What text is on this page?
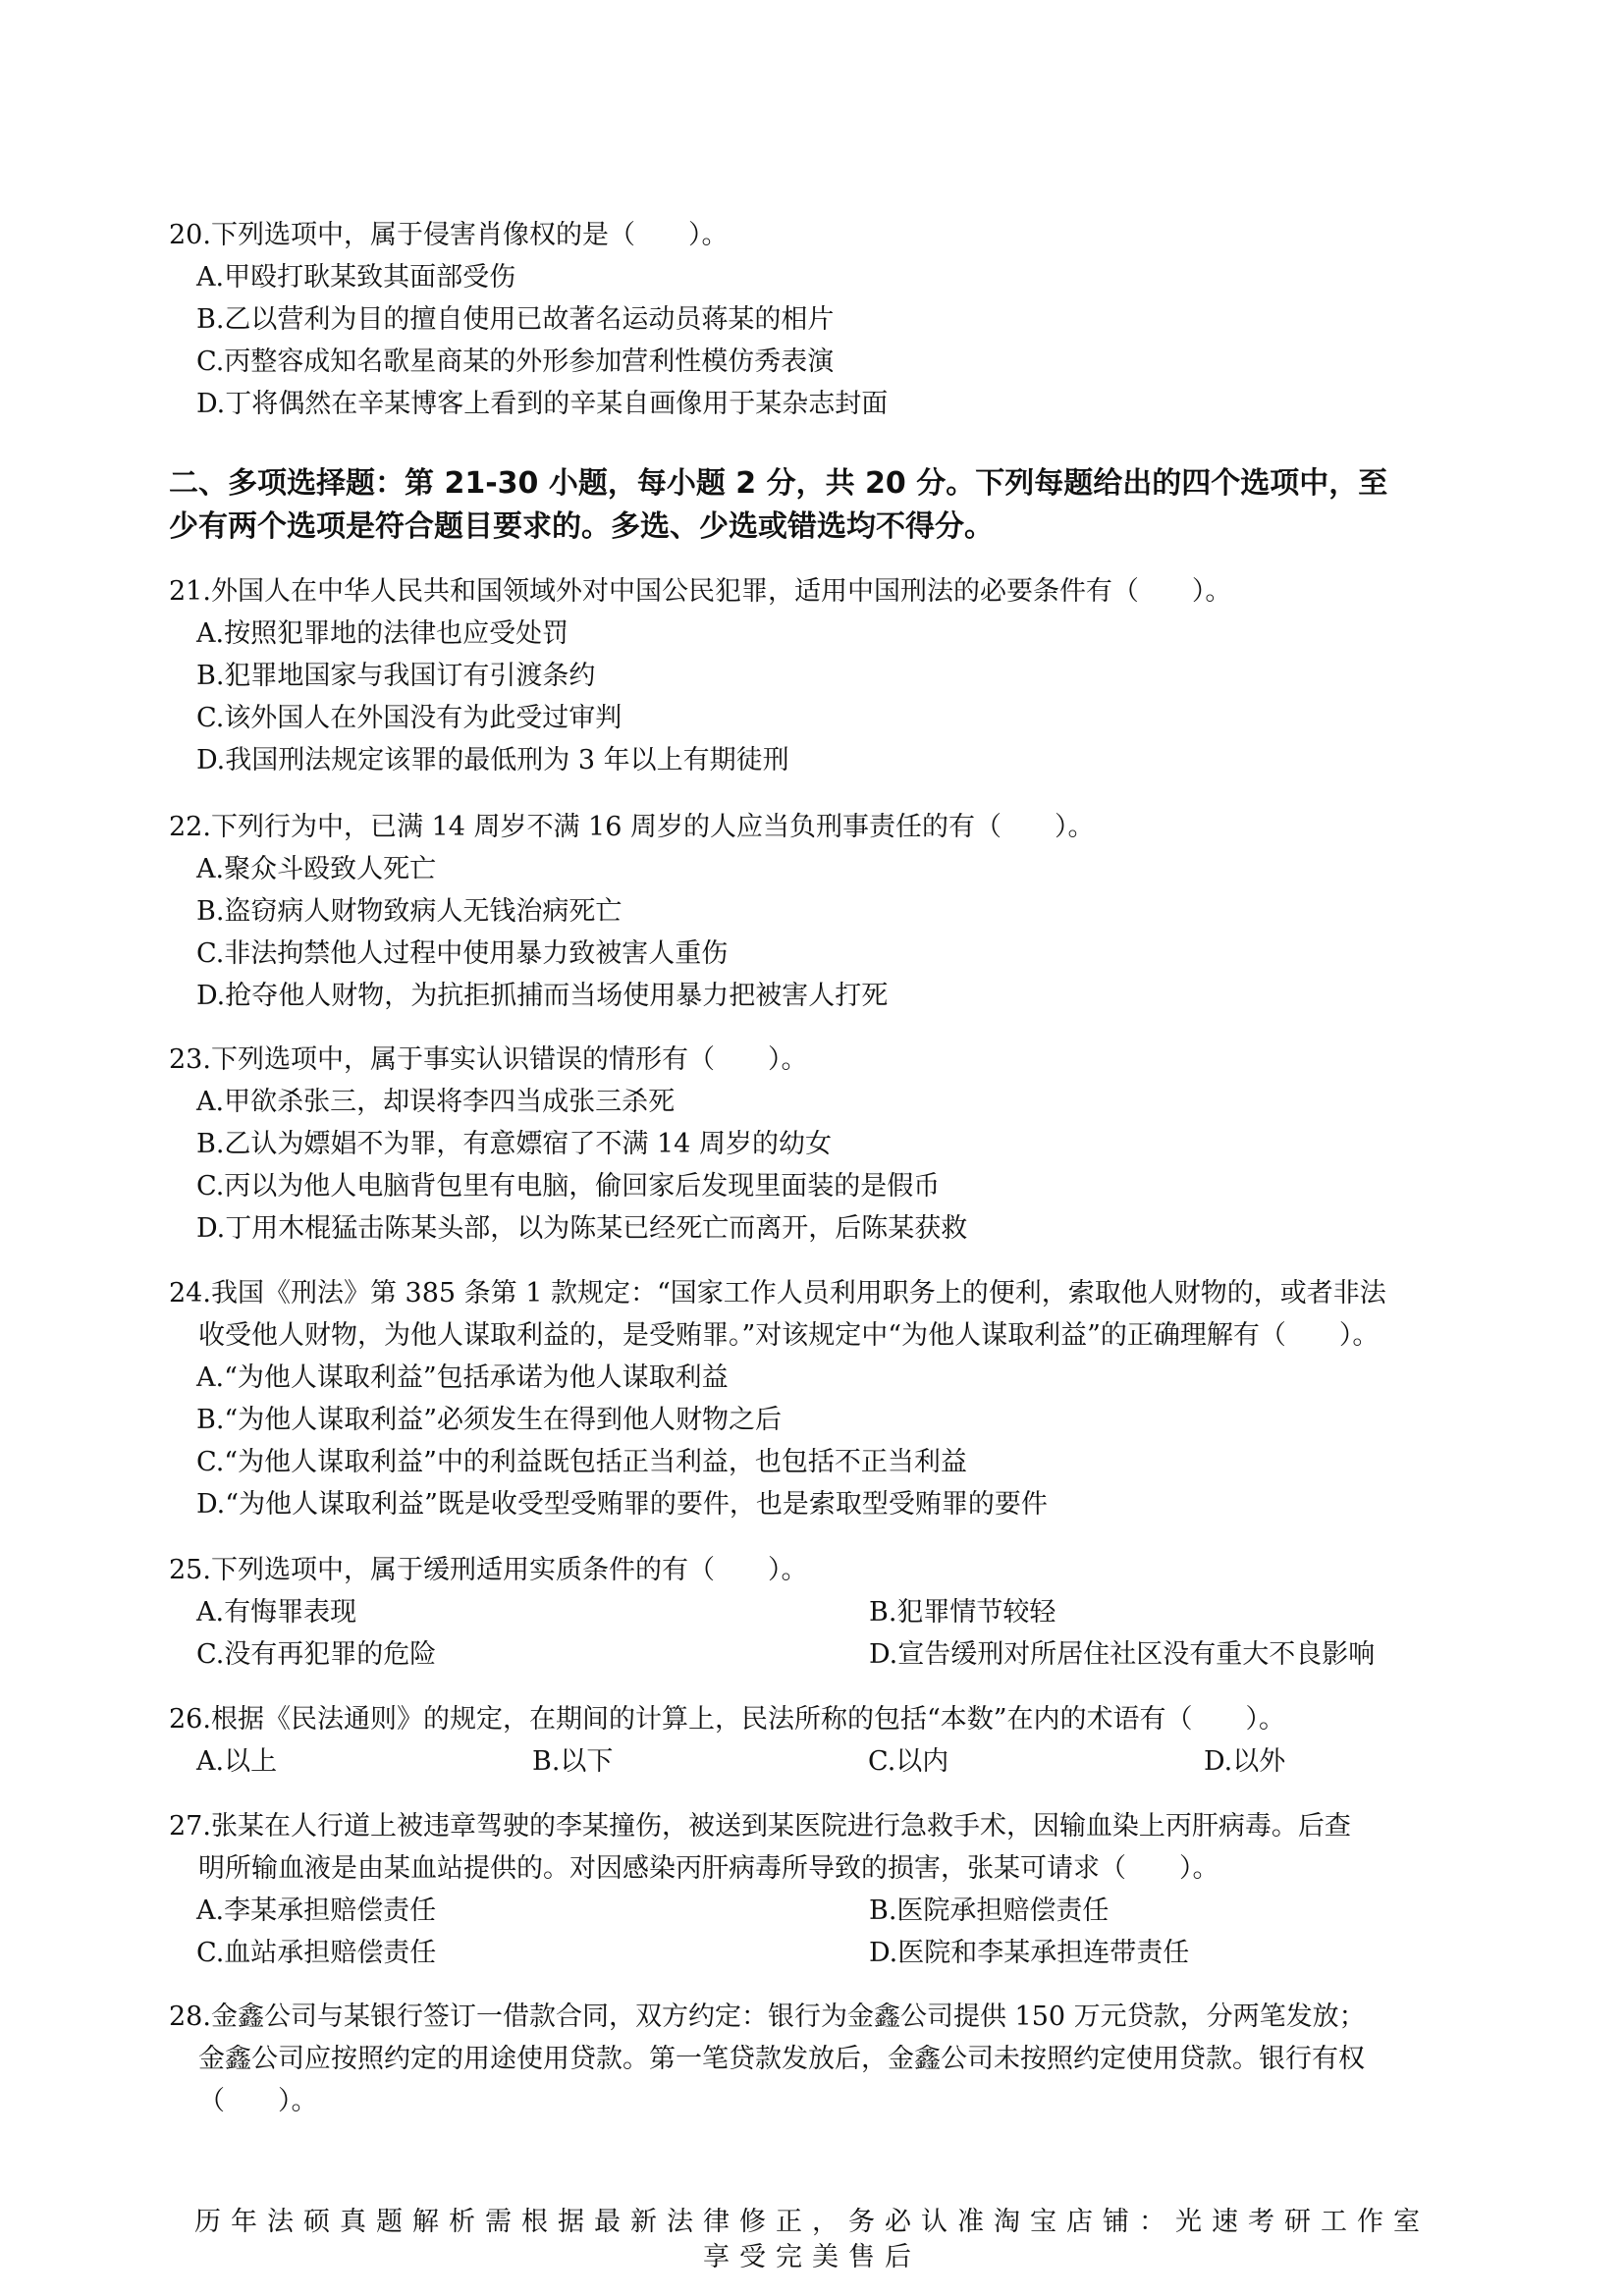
20.下列选项中，属于侵害肖像权的是（　　）。
A.甲殴打耿某致其面部受伤
B.乙以营利为目的擅自使用已故著名运动员蒋某的相片
C.丙整容成知名歌星商某的外形参加营利性模仿秀表演
D.丁将偶然在辛某博客上看到的辛某自画像用于某杂志封面
二、多项选择题：第 21-30 小题，每小题 2 分，共 20 分。下列每题给出的四个选项中，至
少有两个选项是符合题目要求的。多选、少选或错选均不得分。
21.外国人在中华人民共和国领域外对中国公民犯罪，适用中国刑法的必要条件有（　　）。
A.按照犯罪地的法律也应受处罚
B.犯罪地国家与我国订有引渡条约
C.该外国人在外国没有为此受过审判
D.我国刑法规定该罪的最低刑为 3 年以上有期徒刑
22.下列行为中，已满 14 周岁不满 16 周岁的人应当负刑事责任的有（　　）。
A.聚众斗殴致人死亡
B.盗窃病人财物致病人无钱治病死亡
C.非法拘禁他人过程中使用暴力致被害人重伤
D.抢夺他人财物，为抗拒抓捕而当场使用暴力把被害人打死
23.下列选项中，属于事实认识错误的情形有（　　）。
A.甲欲杀张三，却误将李四当成张三杀死
B.乙认为嫖娼不为罪，有意嫖宿了不满 14 周岁的幼女
C.丙以为他人电脑背包里有电脑，偷回家后发现里面装的是假币
D.丁用木棍猛击陈某头部，以为陈某已经死亡而离开，后陈某获救
24.我国《刑法》第 385 条第 1 款规定：“国家工作人员利用职务上的便利，索取他人财物的，或者非法
收受他人财物，为他人谋取利益的，是受贿罪。”对该规定中“为他人谋取利益”的正确理解有（　　）。
A.“为他人谋取利益”包括承诺为他人谋取利益
B.“为他人谋取利益”必须发生在得到他人财物之后
C.“为他人谋取利益”中的利益既包括正当利益，也包括不正当利益
D.“为他人谋取利益”既是收受型受贿罪的要件，也是索取型受贿罪的要件
25.下列选项中，属于缓刑适用实质条件的有（　　）。
A.有悔罪表现	B.犯罪情节较轻
C.没有再犯罪的危险	D.宣告缓刑对所居住社区没有重大不良影响
26.根据《民法通则》的规定，在期间的计算上，民法所称的包括“本数”在内的术语有（　　）。
A.以上	B.以下	C.以内	D.以外
27.张某在人行道上被违章驾驶的李某撞伤，被送到某医院进行急救手术，因输血染上丙肝病毒。后查
明所输血液是由某血站提供的。对因感染丙肝病毒所导致的损害，张某可请求（　　）。
A.李某承担赔偿责任	B.医院承担赔偿责任
C.血站承担赔偿责任	D.医院和李某承担连带责任
28.金鑫公司与某银行签订一借款合同，双方约定：银行为金鑫公司提供 150 万元贷款，分两笔发放；
金鑫公司应按照约定的用途使用贷款。第一笔贷款发放后，金鑫公司未按照约定使用贷款。银行有权
（　　）。
历年法硕真题解析需根据最新法律修正，务必认准淘宝店铺：光速考研工作室
享受完美售后
